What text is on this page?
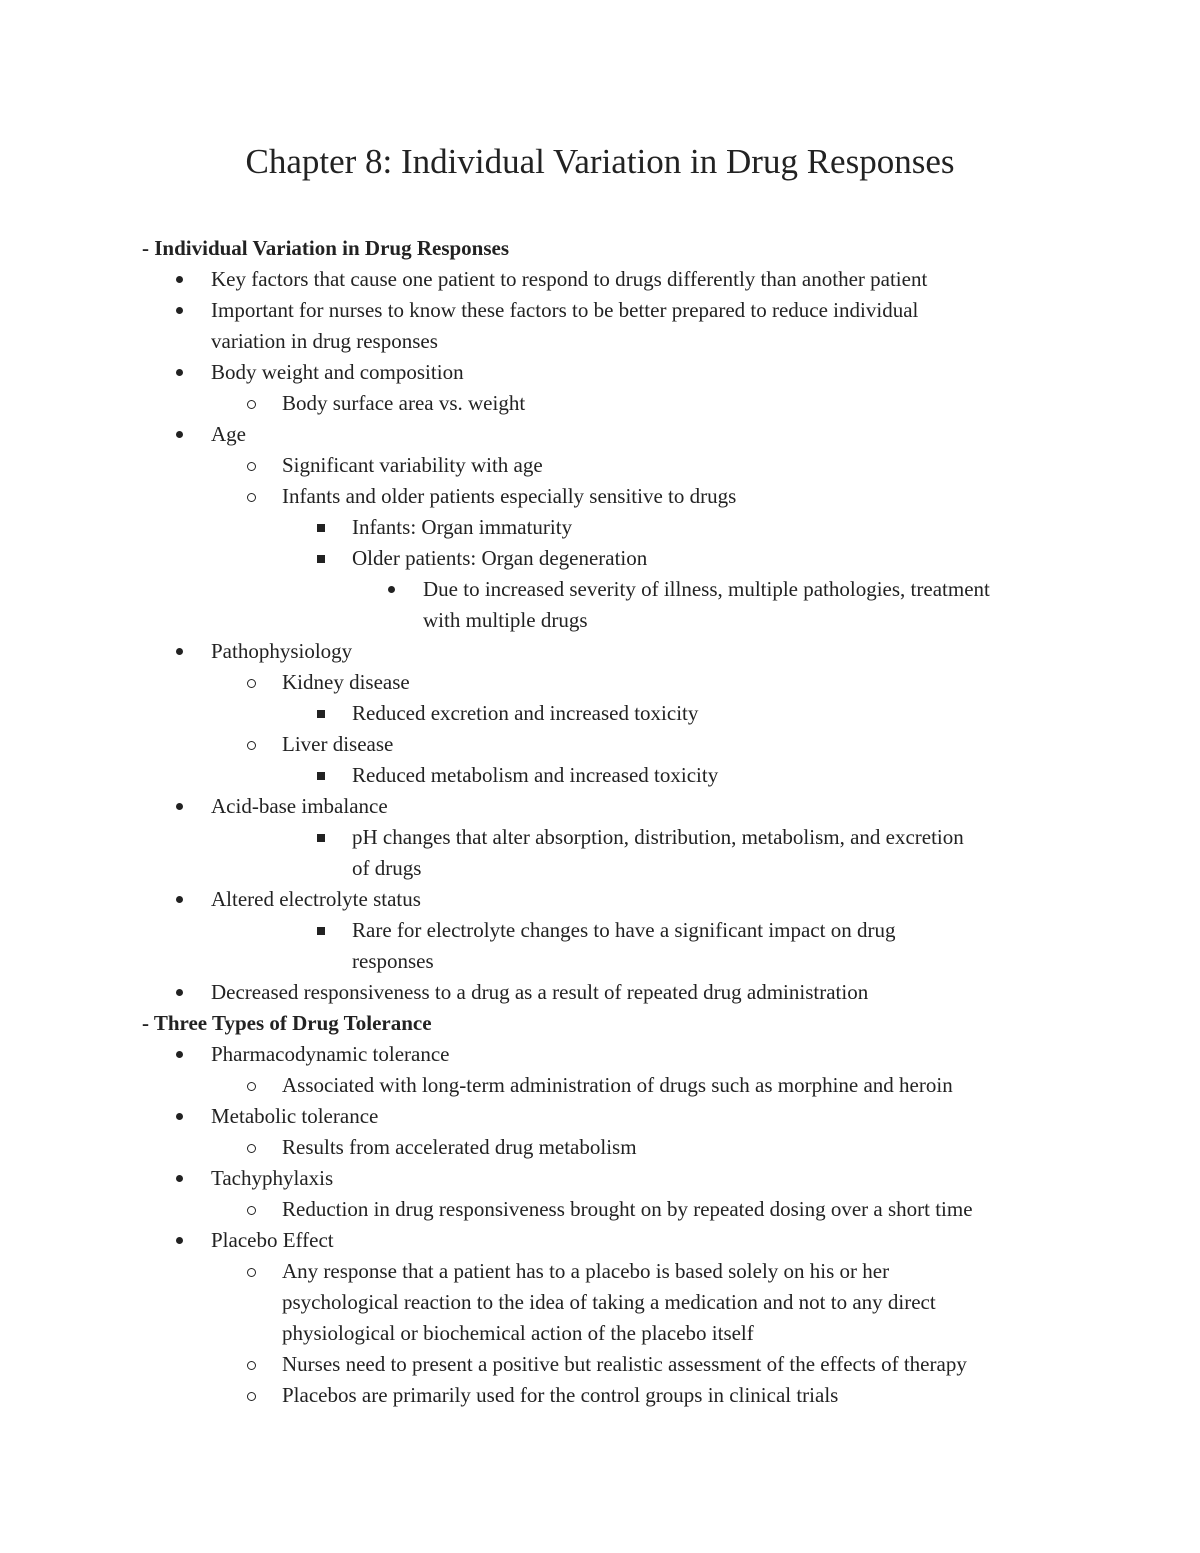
Chapter 8: Individual Variation in Drug Responses
- Individual Variation in Drug Responses
Key factors that cause one patient to respond to drugs differently than another patient
Important for nurses to know these factors to be better prepared to reduce individual
variation in drug responses
Body weight and composition
Body surface area vs. weight
Age
Significant variability with age
Infants and older patients especially sensitive to drugs
Infants: Organ immaturity
Older patients: Organ degeneration
Due to increased severity of illness, multiple pathologies, treatment
with multiple drugs
Pathophysiology
Kidney disease
Reduced excretion and increased toxicity
Liver disease
Reduced metabolism and increased toxicity
Acid-base imbalance
pH changes that alter absorption, distribution, metabolism, and excretion
of drugs
Altered electrolyte status
Rare for electrolyte changes to have a significant impact on drug
responses
Decreased responsiveness to a drug as a result of repeated drug administration
- Three Types of Drug Tolerance
Pharmacodynamic tolerance
Associated with long-term administration of drugs such as morphine and heroin
Metabolic tolerance
Results from accelerated drug metabolism
Tachyphylaxis
Reduction in drug responsiveness brought on by repeated dosing over a short time
Placebo Effect
Any response that a patient has to a placebo is based solely on his or her
psychological reaction to the idea of taking a medication and not to any direct
physiological or biochemical action of the placebo itself
Nurses need to present a positive but realistic assessment of the effects of therapy
Placebos are primarily used for the control groups in clinical trials
